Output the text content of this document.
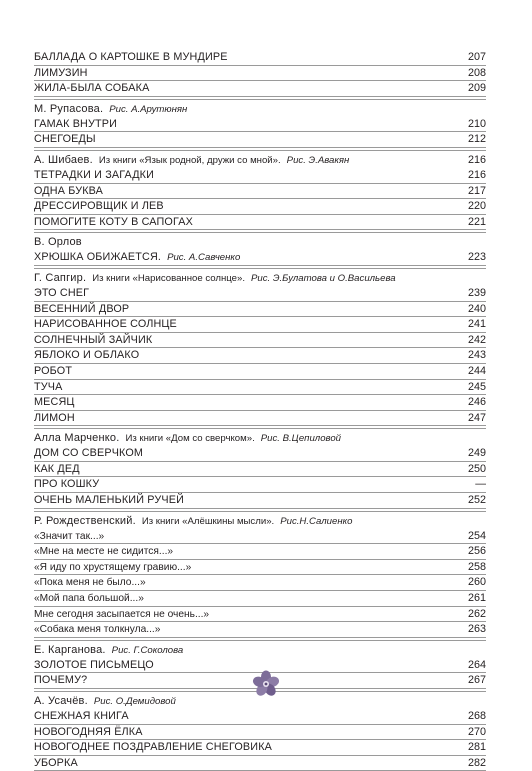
БАЛЛАДА О КАРТОШКЕ В МУНДИРЕ	207
ЛИМУЗИН	208
ЖИЛА-БЫЛА СОБАКА	209
М. Рупасова. Рис. А.Арутюнян
ГАМАК ВНУТРИ	210
СНЕГОЕДЫ	212
А. Шибаев. Из книги «Язык родной, дружи со мной». Рис. Э.Авакян	216
ТЕТРАДКИ И ЗАГАДКИ	216
ОДНА БУКВА	217
ДРЕССИРОВЩИК И ЛЕВ	220
ПОМОГИТЕ КОТУ В САПОГАХ	221
В. Орлов
ХРЮШКА ОБИЖАЕТСЯ. Рис. А.Савченко	223
Г. Сапгир. Из книги «Нарисованное солнце». Рис. Э.Булатова и О.Васильева
ЭТО СНЕГ	239
ВЕСЕННИЙ ДВОР	240
НАРИСОВАННОЕ СОЛНЦЕ	241
СОЛНЕЧНЫЙ ЗАЙЧИК	242
ЯБЛОКО И ОБЛАКО	243
РОБОТ	244
ТУЧА	245
МЕСЯЦ	246
ЛИМОН	247
Алла Марченко. Из книги «Дом со сверчком». Рис. В.Цепиловой
ДОМ СО СВЕРЧКОМ	249
КАК ДЕД	250
ПРО КОШКУ	—
ОЧЕНЬ МАЛЕНЬКИЙ РУЧЕЙ	252
Р. Рождественский. Из книги «Алёшкины мысли». Рис.Н.Салиенко
«Значит так...»	254
«Мне на месте не сидится...»	256
«Я иду по хрустящему гравию...»	258
«Пока меня не было...»	260
«Мой папа большой...»	261
Мне сегодня засыпается не очень...»	262
«Собака меня толкнула...»	263
Е. Карганова. Рис. Г.Соколова
ЗОЛОТОЕ ПИСЬМЕЦО	264
ПОЧЕМУ?	267
А. Усачёв. Рис. О.Демидовой
СНЕЖНАЯ КНИГА	268
НОВОГОДНЯЯ ЁЛКА	270
НОВОГОДНЕЕ ПОЗДРАВЛЕНИЕ СНЕГОВИКА	281
УБОРКА	282
